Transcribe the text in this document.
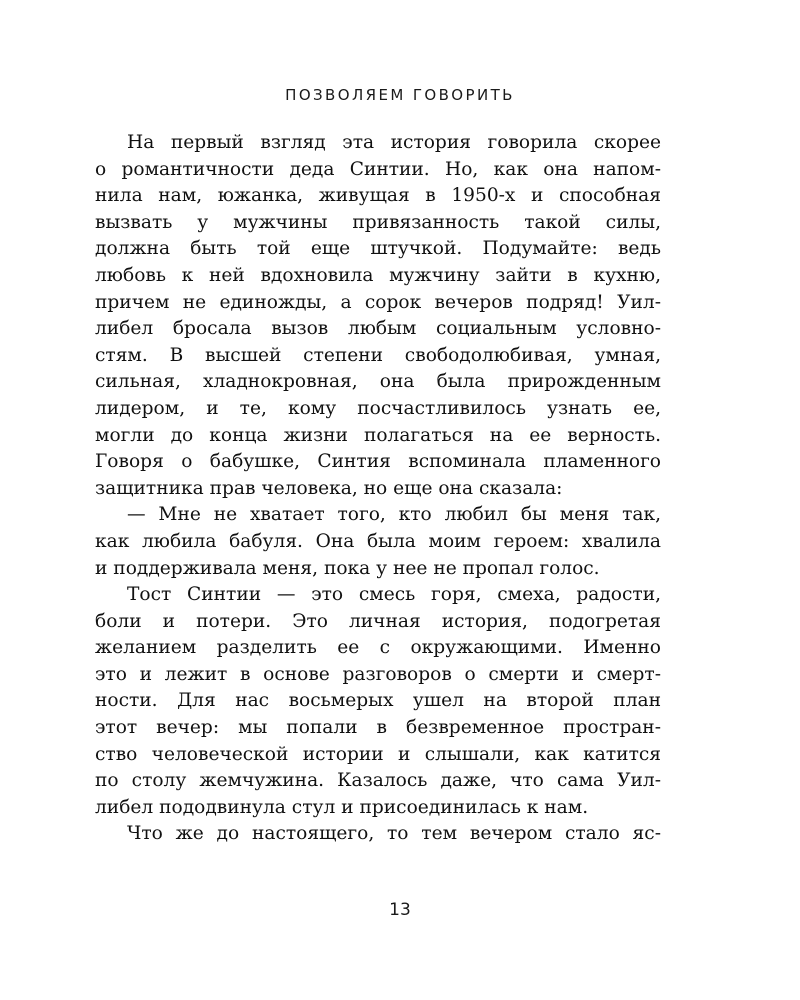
ПОЗВОЛЯЕМ ГОВОРИТЬ
На первый взгляд эта история говорила скорее
о романтичности деда Синтии. Но, как она напом-
нила нам, южанка, живущая в 1950-х и способная
вызвать у мужчины привязанность такой силы,
должна быть той еще штучкой. Подумайте: ведь
любовь к ней вдохновила мужчину зайти в кухню,
причем не единожды, а сорок вечеров подряд! Уил-
либел бросала вызов любым социальным условно-
стям. В высшей степени свободолюбивая, умная,
сильная, хладнокровная, она была прирожденным
лидером, и те, кому посчастливилось узнать ее,
могли до конца жизни полагаться на ее верность.
Говоря о бабушке, Синтия вспоминала пламенного
защитника прав человека, но еще она сказала:
— Мне не хватает того, кто любил бы меня так,
как любила бабуля. Она была моим героем: хвалила
и поддерживала меня, пока у нее не пропал голос.
Тост Синтии — это смесь горя, смеха, радости,
боли и потери. Это личная история, подогретая
желанием разделить ее с окружающими. Именно
это и лежит в основе разговоров о смерти и смерт-
ности. Для нас восьмерых ушел на второй план
этот вечер: мы попали в безвременное простран-
ство человеческой истории и слышали, как катится
по столу жемчужина. Казалось даже, что сама Уил-
либел пододвинула стул и присоединилась к нам.
Что же до настоящего, то тем вечером стало яс-
13
